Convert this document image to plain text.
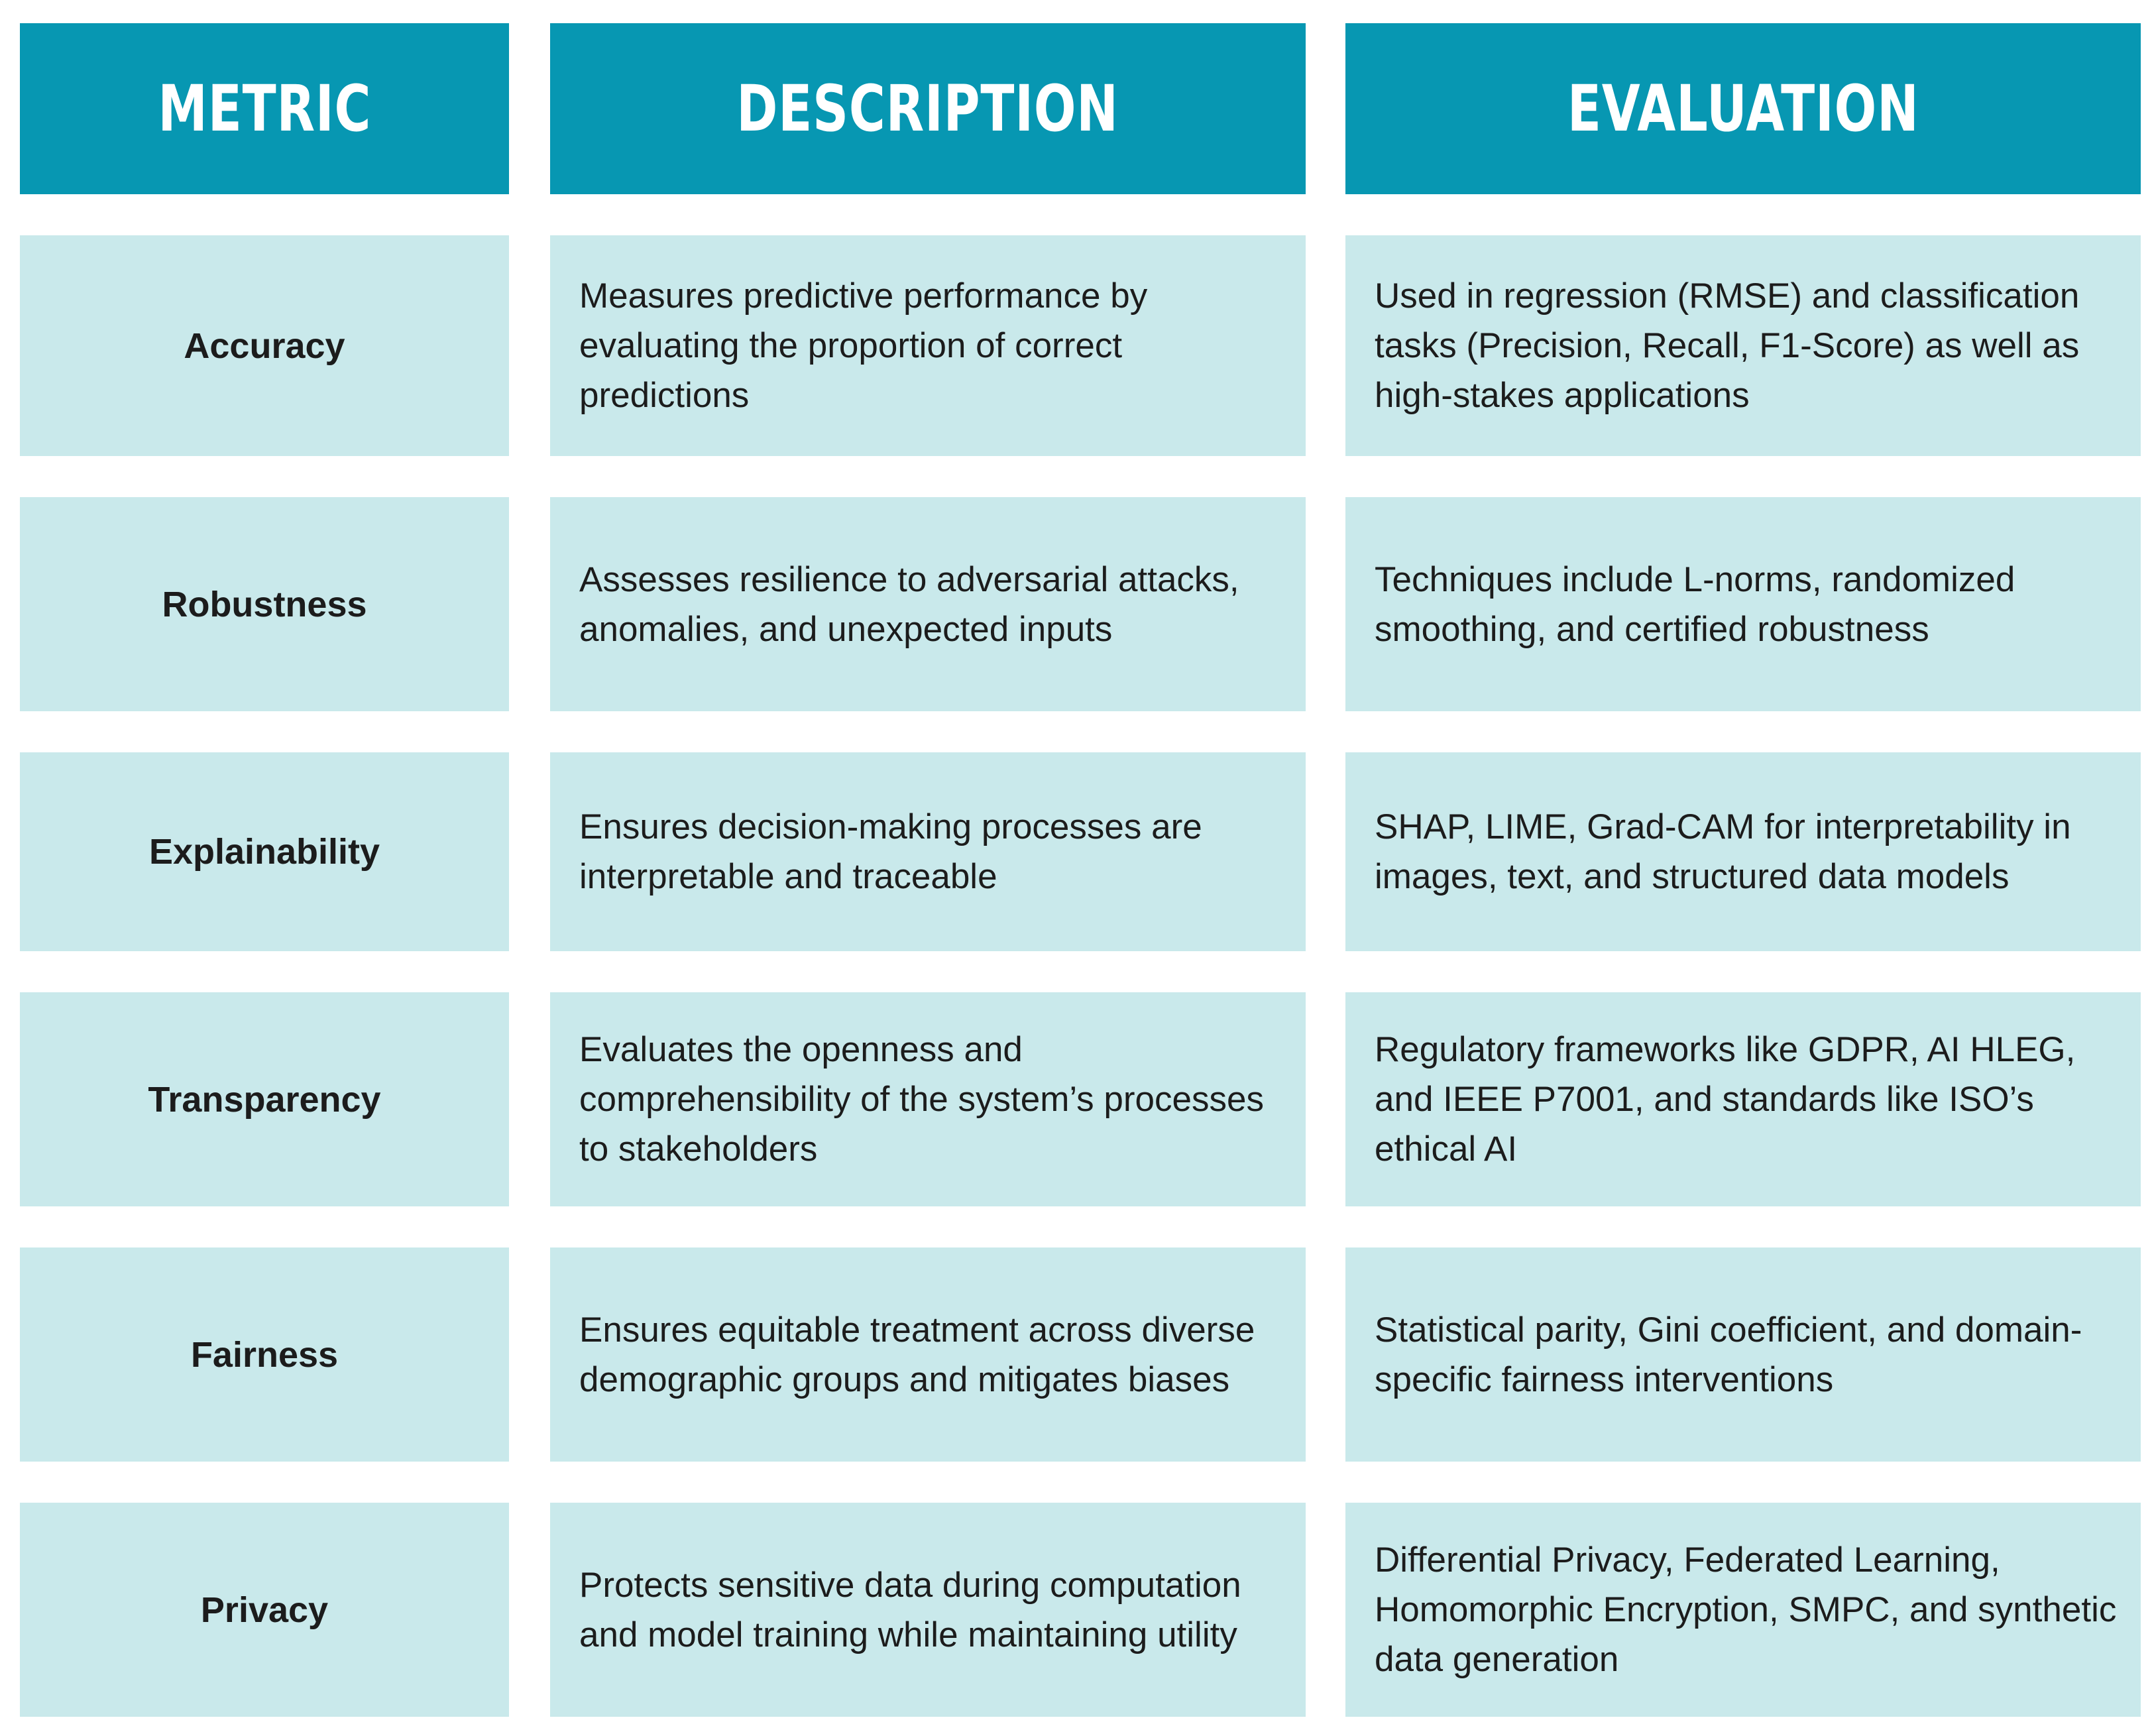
METRIC	DESCRIPTION	EVALUATION
Accuracy
Measures predictive performance by evaluating the proportion of correct predictions
Used in regression (RMSE) and classification tasks (Precision, Recall, F1-Score) as well as high-stakes applications
Robustness
Assesses resilience to adversarial attacks, anomalies, and unexpected inputs
Techniques include L-norms, randomized smoothing, and certified robustness
Explainability
Ensures decision-making processes are interpretable and traceable
SHAP, LIME, Grad-CAM for interpretability in images, text, and structured data models
Transparency
Evaluates the openness and comprehensibility of the system’s processes to stakeholders
Regulatory frameworks like GDPR, AI HLEG, and IEEE P7001, and standards like ISO’s ethical AI
Fairness
Ensures equitable treatment across diverse demographic groups and mitigates biases
Statistical parity, Gini coefficient, and domain-specific fairness interventions
Privacy
Protects sensitive data during computation and model training while maintaining utility
Differential Privacy, Federated Learning, Homomorphic Encryption, SMPC, and synthetic data generation
